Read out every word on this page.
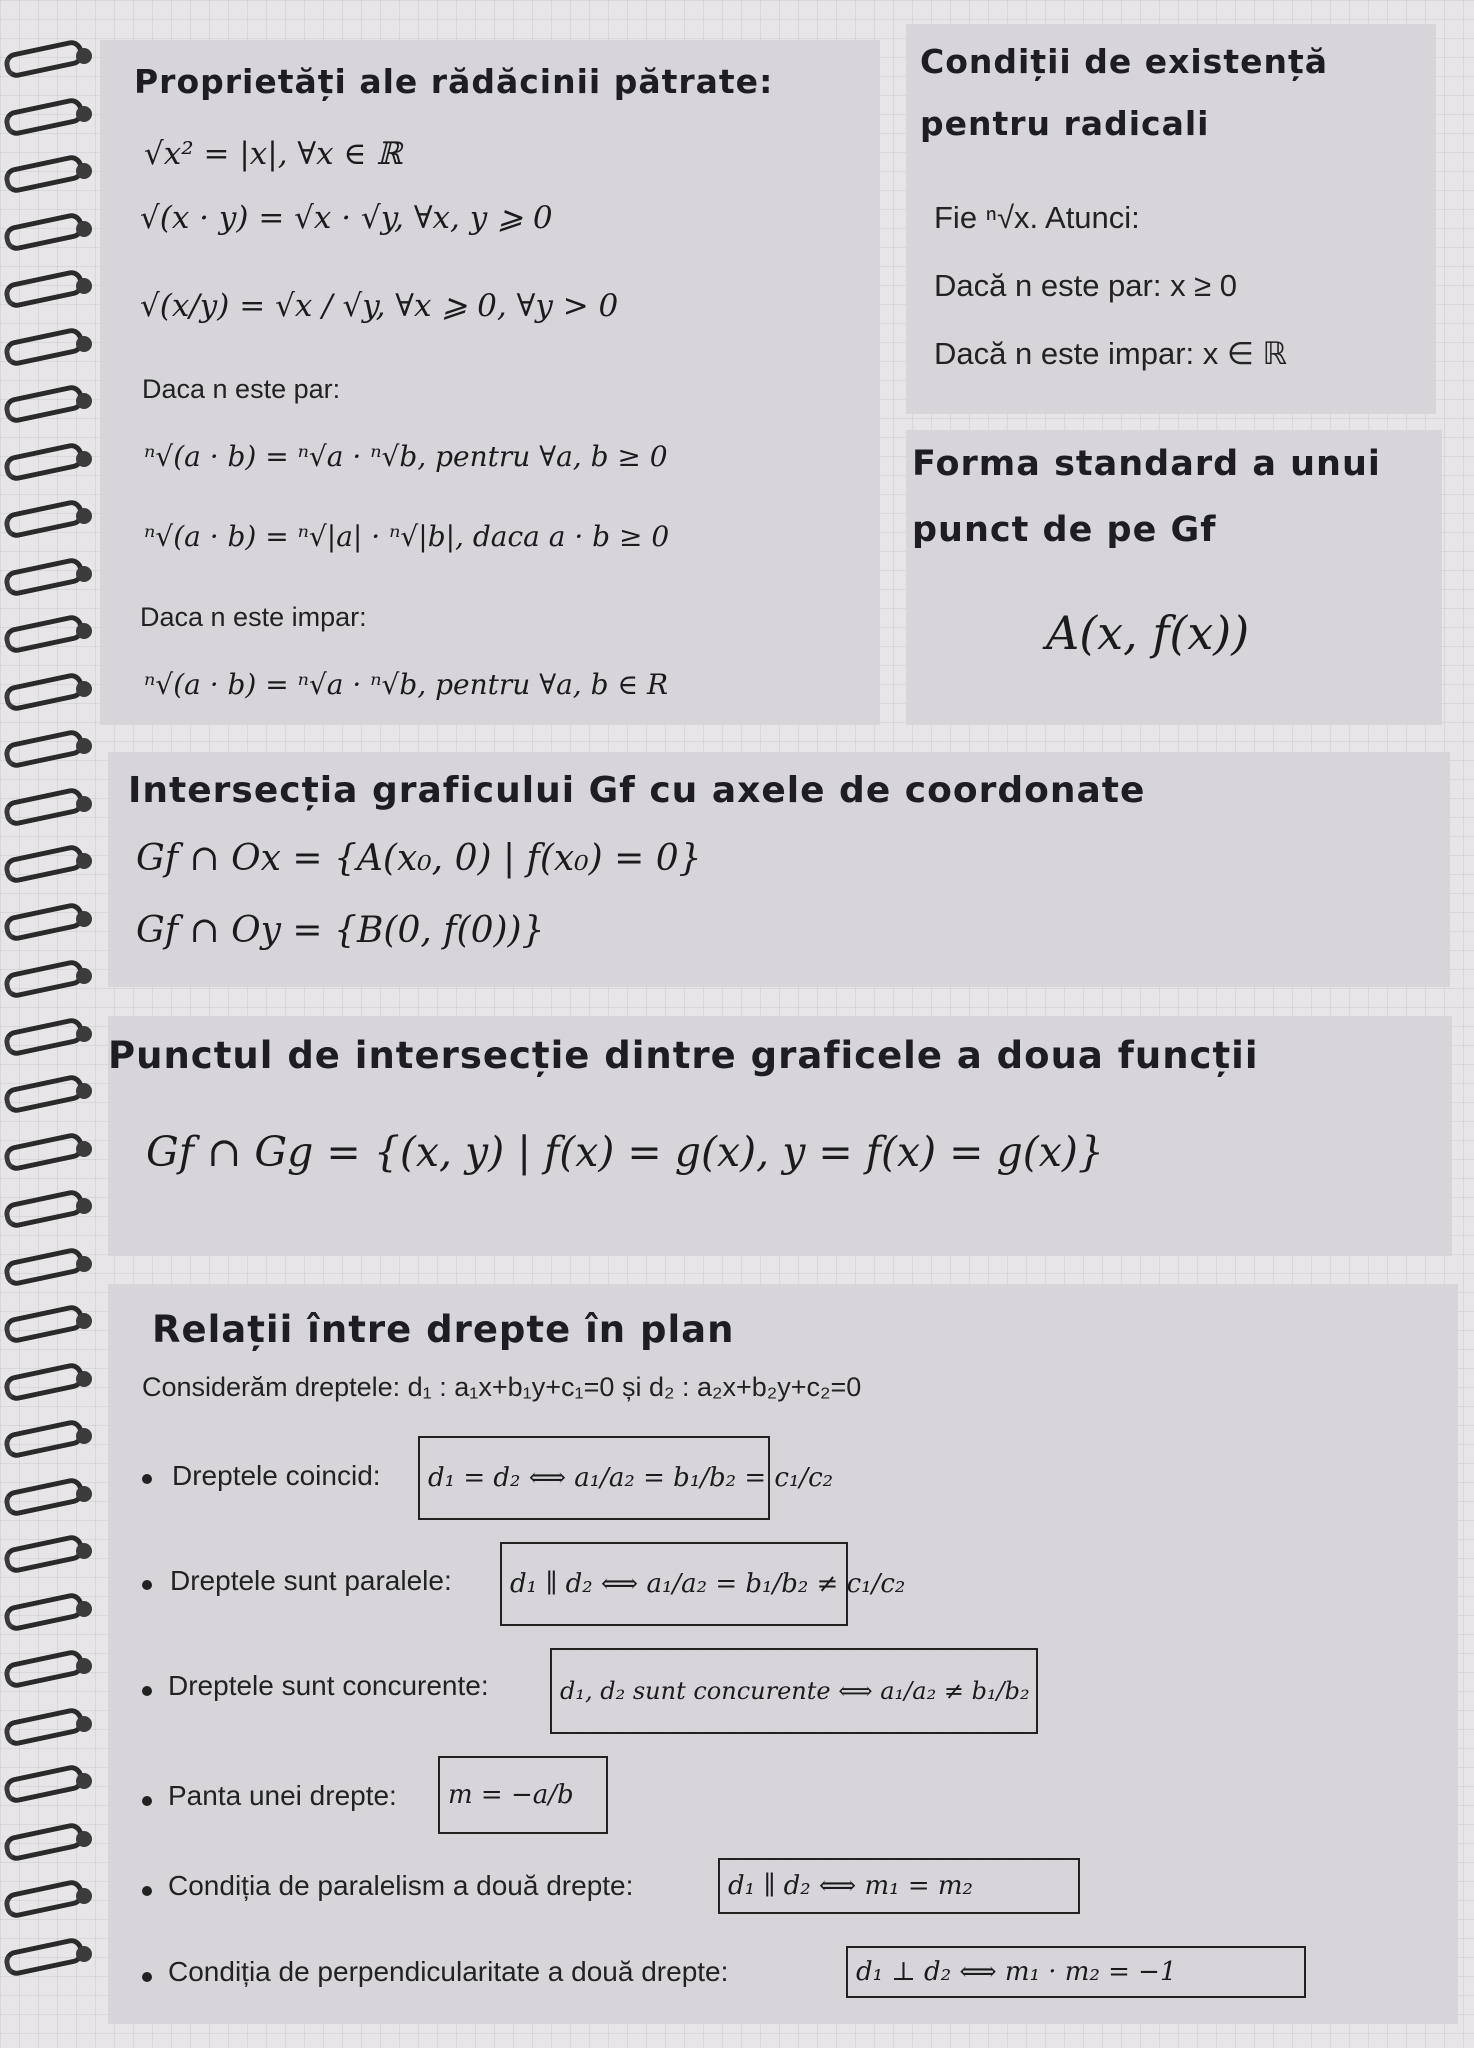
Proprietăți ale rădăcinii pătrate:
√x² = |x|, ∀x ∈ ℝ
√(x · y) = √x · √y, ∀x, y ⩾ 0
√(x/y) = √x / √y, ∀x ⩾ 0, ∀y > 0
Daca n este par:
ⁿ√(a · b) = ⁿ√a · ⁿ√b, pentru ∀a, b ≥ 0
ⁿ√(a · b) = ⁿ√|a| · ⁿ√|b|, daca a · b ≥ 0
Daca n este impar:
ⁿ√(a · b) = ⁿ√a · ⁿ√b, pentru ∀a, b ∈ R
Condiții de existență
pentru radicali
Fie ⁿ√x. Atunci:
Dacă n este par: x ≥ 0
Dacă n este impar: x ∈ ℝ
Forma standard a unui
punct de pe Gf
A(x, f(x))
Intersecția graficului Gf cu axele de coordonate
Gf ∩ Ox = {A(x₀, 0) | f(x₀) = 0}
Gf ∩ Oy = {B(0, f(0))}
Punctul de intersecție dintre graficele a doua funcții
Gf ∩ Gg = {(x, y) | f(x) = g(x), y = f(x) = g(x)}
Relații între drepte în plan
Considerăm dreptele: d₁ : a₁x+b₁y+c₁=0 și d₂ : a₂x+b₂y+c₂=0
Dreptele coincid:	d₁ = d₂ ⟺ a₁/a₂ = b₁/b₂ = c₁/c₂
Dreptele sunt paralele:	d₁ ∥ d₂ ⟺ a₁/a₂ = b₁/b₂ ≠ c₁/c₂
Dreptele sunt concurente:	d₁, d₂ sunt concurente ⟺ a₁/a₂ ≠ b₁/b₂
Panta unei drepte:	m = −a/b
Condiția de paralelism a două drepte:	d₁ ∥ d₂ ⟺ m₁ = m₂
Condiția de perpendicularitate a două drepte:	d₁ ⊥ d₂ ⟺ m₁ · m₂ = −1
